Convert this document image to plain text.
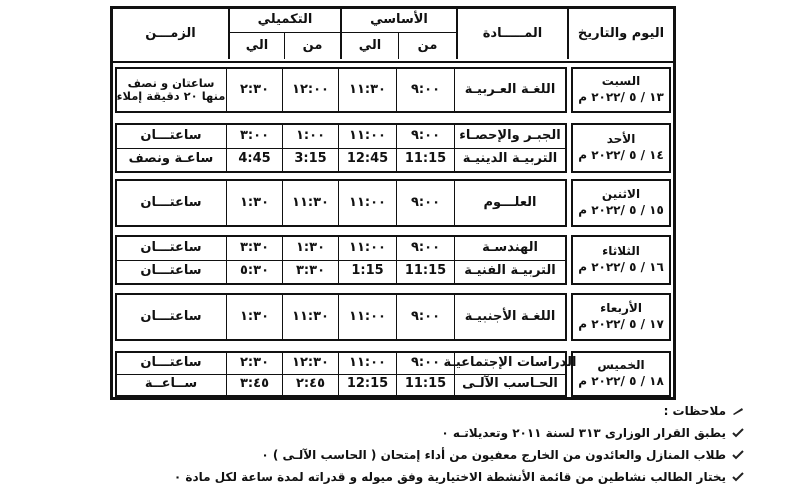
اليوم والتاريخ
المـــــادة
الأساسي
من
الي
التكميلي
من
الي
الزمـــن
السبت
١٣ / ٥ /٢٠٢٢ م
اللغـة العـربيـة
٩:٠٠
١١:٣٠
١٢:٠٠
٢:٣٠
ساعتان و نصف منها ٢٠ دقيقة إملاء
الأحد
١٤ / ٥ /٢٠٢٢ م
الجبـر والإحصـاء
٩:٠٠
١١:٠٠
١:٠٠
٣:٠٠
ساعتـــان
التربيـة الدينيـة
11:15
12:45
3:15
4:45
ساعـة ونصف
الاثنين
١٥ / ٥ /٢٠٢٢ م
العلـــوم
٩:٠٠
١١:٠٠
١١:٣٠
١:٣٠
ساعتـــان
الثلاثاء
١٦ / ٥ /٢٠٢٢ م
الهندسـة
٩:٠٠
١١:٠٠
١:٣٠
٣:٣٠
ساعتـــان
التربيـة الفنيـة
11:15
1:15
٣:٣٠
٥:٣٠
ساعتـــان
الأربعاء
١٧ / ٥ /٢٠٢٢ م
اللغـة الأجنبيـة
٩:٠٠
١١:٠٠
١١:٣٠
١:٣٠
ساعتـــان
الخميس
١٨ / ٥ /٢٠٢٢ م
الدراسات الإجتماعيـة
٩:٠٠
١١:٠٠
١٢:٣٠
٢:٣٠
ساعتـــان
الحـاسب الآلـى
11:15
12:15
٢:٤٥
٣:٤٥
ســاعــة
ملاحظات :
يطبق القرار الوزارى ٣١٣ لسنة ٢٠١١ وتعديلاتـه ٠
طلاب المنازل والعائدون من الخارج معفيون من أداء إمتحان ( الحاسب الآلـى ) ٠
يختار الطالب نشاطين من قائمة الأنشطة الاختيارية وفق ميوله و قدراته لمدة ساعة لكل مادة ٠
